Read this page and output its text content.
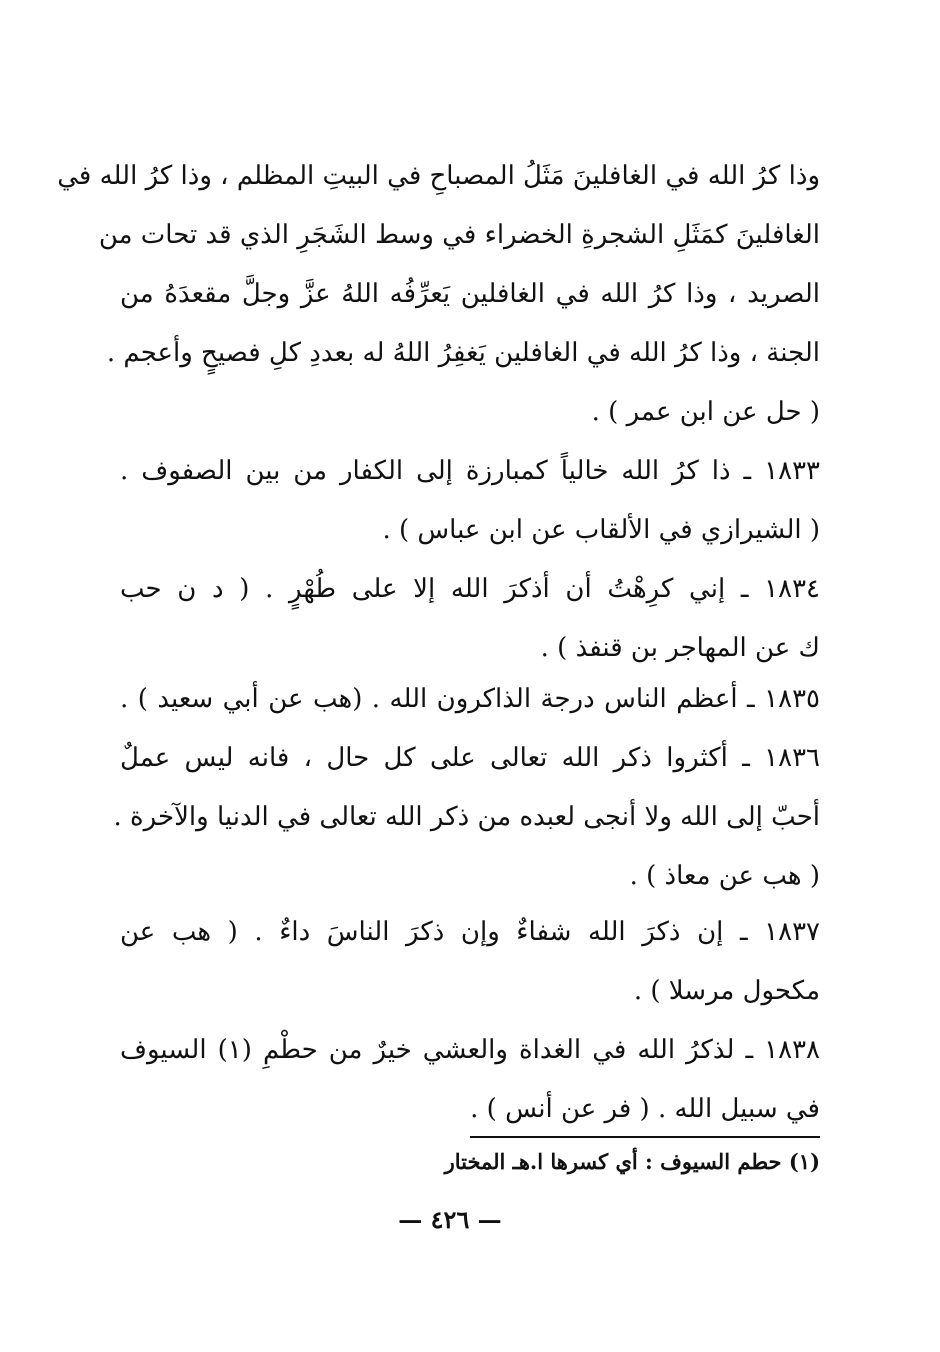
وذا كرُ الله في الغافلينَ مَثَلُ المصباحِ في البيتِ المظلم ، وذا كرُ الله في
الغافلينَ كمَثَلِ الشجرةِ الخضراء في وسط الشَجَرِ الذي قد تحات من
الصريد ، وذا كرُ الله في الغافلين يَعرِّفُه اللهُ عزَّ وجلَّ مقعدَهُ من
الجنة ، وذا كرُ الله في الغافلين يَغفِرُ اللهُ له بعددِ كلِ فصيحٍ وأعجم .
( حل عن ابن عمر ) .
١٨٣٣ ـ ذا كرُ الله خالياً كمبارزة إلى الكفار من بين الصفوف .
( الشيرازي في الألقاب عن ابن عباس ) .
١٨٣٤ ـ إني كرِهْتُ أن أذكرَ الله إلا على طُهْرٍ . ( د ن حب
ك عن المهاجر بن قنفذ ) .
١٨٣٥ ـ أعظم الناس درجة الذاكرون الله . (هب عن أبي سعيد ) .
١٨٣٦ ـ أكثروا ذكر الله تعالى على كل حال ، فانه ليس عملٌ
أحبّ إلى الله ولا أنجى لعبده من ذكر الله تعالى في الدنيا والآخرة .
( هب عن معاذ ) .
١٨٣٧ ـ إن ذكرَ الله شفاءٌ وإن ذكرَ الناسَ داءٌ . ( هب عن
مكحول مرسلا ) .
١٨٣٨ ـ لذكرُ الله في الغداة والعشي خيرٌ من حطْمِ (١) السيوف
في سبيل الله . ( فر عن أنس ) .
(١) حطم السيوف : أي كسرها ا.هـ المختار
— ٤٢٦ —
